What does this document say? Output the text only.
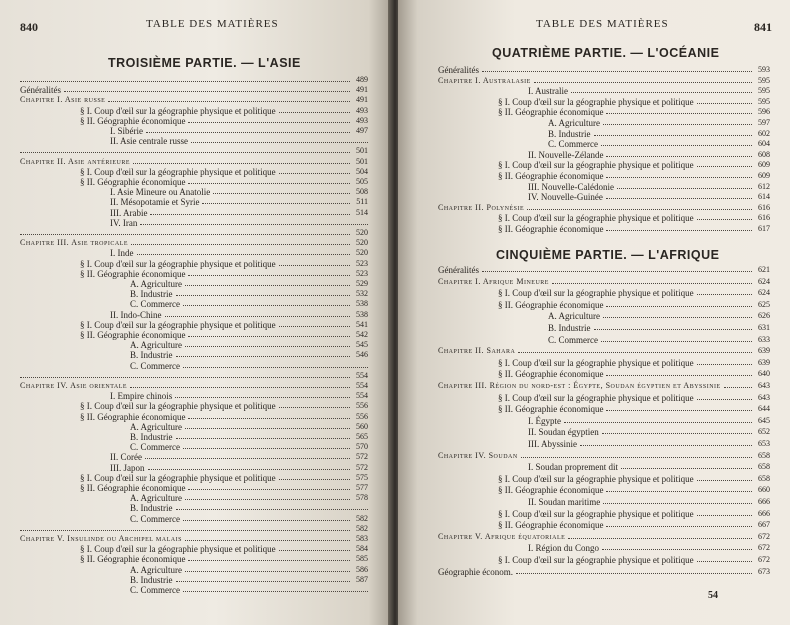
840	TABLE DES MATIÈRES
TROISIÈME PARTIE. — L'ASIE
489
Généralités	491
Chapitre I. Asie russe	491
§ I. Coup d'œil sur la géographie physique et politique	493
§ II. Géographie économique	493
I. Sibérie	497
II. Asie centrale russe
501
Chapitre II. Asie antérieure	501
§ I. Coup d'œil sur la géographie physique et politique	504
§ II. Géographie économique	505
I. Asie Mineure ou Anatolie	508
II. Mésopotamie et Syrie	511
III. Arabie	514
IV. Iran
520
Chapitre III. Asie tropicale	520
I. Inde	520
§ I. Coup d'œil sur la géographie physique et politique	523
§ II. Géographie économique	523
A. Agriculture	529
B. Industrie	532
C. Commerce	538
II. Indo-Chine	538
§ I. Coup d'œil sur la géographie physique et politique	541
§ II. Géographie économique	542
A. Agriculture	545
B. Industrie	546
C. Commerce
554
Chapitre IV. Asie orientale	554
I. Empire chinois	554
§ I. Coup d'œil sur la géographie physique et politique	556
§ II. Géographie économique	556
A. Agriculture	560
B. Industrie	565
C. Commerce	570
II. Corée	572
III. Japon	572
§ I. Coup d'œil sur la géographie physique et politique	575
§ II. Géographie économique	577
A. Agriculture	578
B. Industrie
C. Commerce	582
582
Chapitre V. Insulinde ou Archipel malais	583
§ I. Coup d'œil sur la géographie physique et politique	584
§ II. Géographie économique	585
A. Agriculture	586
B. Industrie	587
C. Commerce
TABLE DES MATIÈRES	841
QUATRIÈME PARTIE. — L'OCÉANIE
Généralités	593
Chapitre I. Australasie	595
I. Australie	595
§ I. Coup d'œil sur la géographie physique et politique	595
§ II. Géographie économique	596
A. Agriculture	597
B. Industrie	602
C. Commerce	604
II. Nouvelle-Zélande	608
§ I. Coup d'œil sur la géographie physique et politique	609
§ II. Géographie économique	609
III. Nouvelle-Calédonie	612
IV. Nouvelle-Guinée	614
Chapitre II. Polynésie	616
§ I. Coup d'œil sur la géographie physique et politique	616
§ II. Géographie économique	617
CINQUIÈME PARTIE. — L'AFRIQUE
Généralités	621
Chapitre I. Afrique Mineure	624
§ I. Coup d'œil sur la géographie physique et politique	624
§ II. Géographie économique	625
A. Agriculture	626
B. Industrie	631
C. Commerce	633
Chapitre II. Sahara	639
§ I. Coup d'œil sur la géographie physique et politique	639
§ II. Géographie économique	640
Chapitre III. Région du nord-est : Égypte, Soudan égyptien et Abyssinie	643
§ I. Coup d'œil sur la géographie physique et politique	643
§ II. Géographie économique	644
I. Égypte	645
II. Soudan égyptien	652
III. Abyssinie	653
Chapitre IV. Soudan	658
I. Soudan proprement dit	658
§ I. Coup d'œil sur la géographie physique et politique	658
§ II. Géographie économique	660
II. Soudan maritime	666
§ I. Coup d'œil sur la géographie physique et politique	666
§ II. Géographie économique	667
Chapitre V. Afrique équatoriale	672
I. Région du Congo	672
§ I. Coup d'œil sur la géographie physique et politique	672
Géographie économ.	673
54
